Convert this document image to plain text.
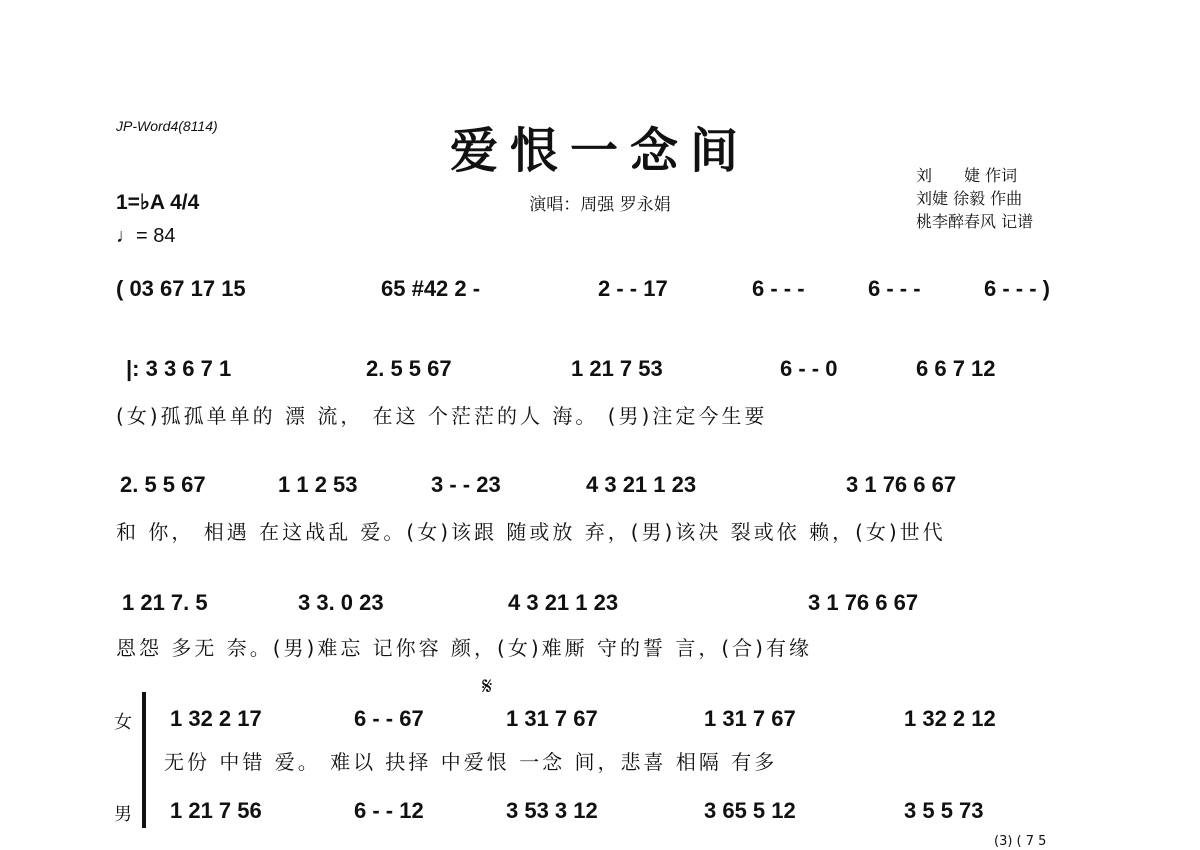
JP-Word4(8114)	爱恨一念间
演唱：周强 罗永娟
刘　　婕 作词
刘婕 徐毅 作曲
桃李醉春风 记谱
1=♭A 4/4
♩= 84
( 03 67 17 15	65 #42 2 -	2 - - 17	6 - - -	6 - - -	6 - - - )
|: 3 3 6 7 1	2. 5 5 67	1 21 7 53	6 - - 0	6 6 7 12
(女)孤孤单单的 漂 流， 在这 个茫茫的人 海。 (男)注定今生要
2. 5 5 67	1 1 2 53	3 - - 23	4 3 21 1 23	3 1 76 6 67
和 你， 相遇 在这战乱 爱。(女)该跟 随或放 弃，(男)该决 裂或依 赖，(女)世代
1 21 7. 5	3 3. 0 23	4 3 21 1 23	3 1 76 6 67
恩怨 多无 奈。(男)难忘 记你容 颜，(女)难厮 守的誓 言，(合)有缘
女
𝄋
1 32 2 17	6 - - 67	1 31 7 67	1 31 7 67	1 32 2 12
无份 中错 爱。 难以 抉择 中爱恨 一念 间，悲喜 相隔 有多
男 1 21 7 56	6 - - 12	3 53 3 12	3 65 5 12	3 5 5 73
(3) ( 7 5
